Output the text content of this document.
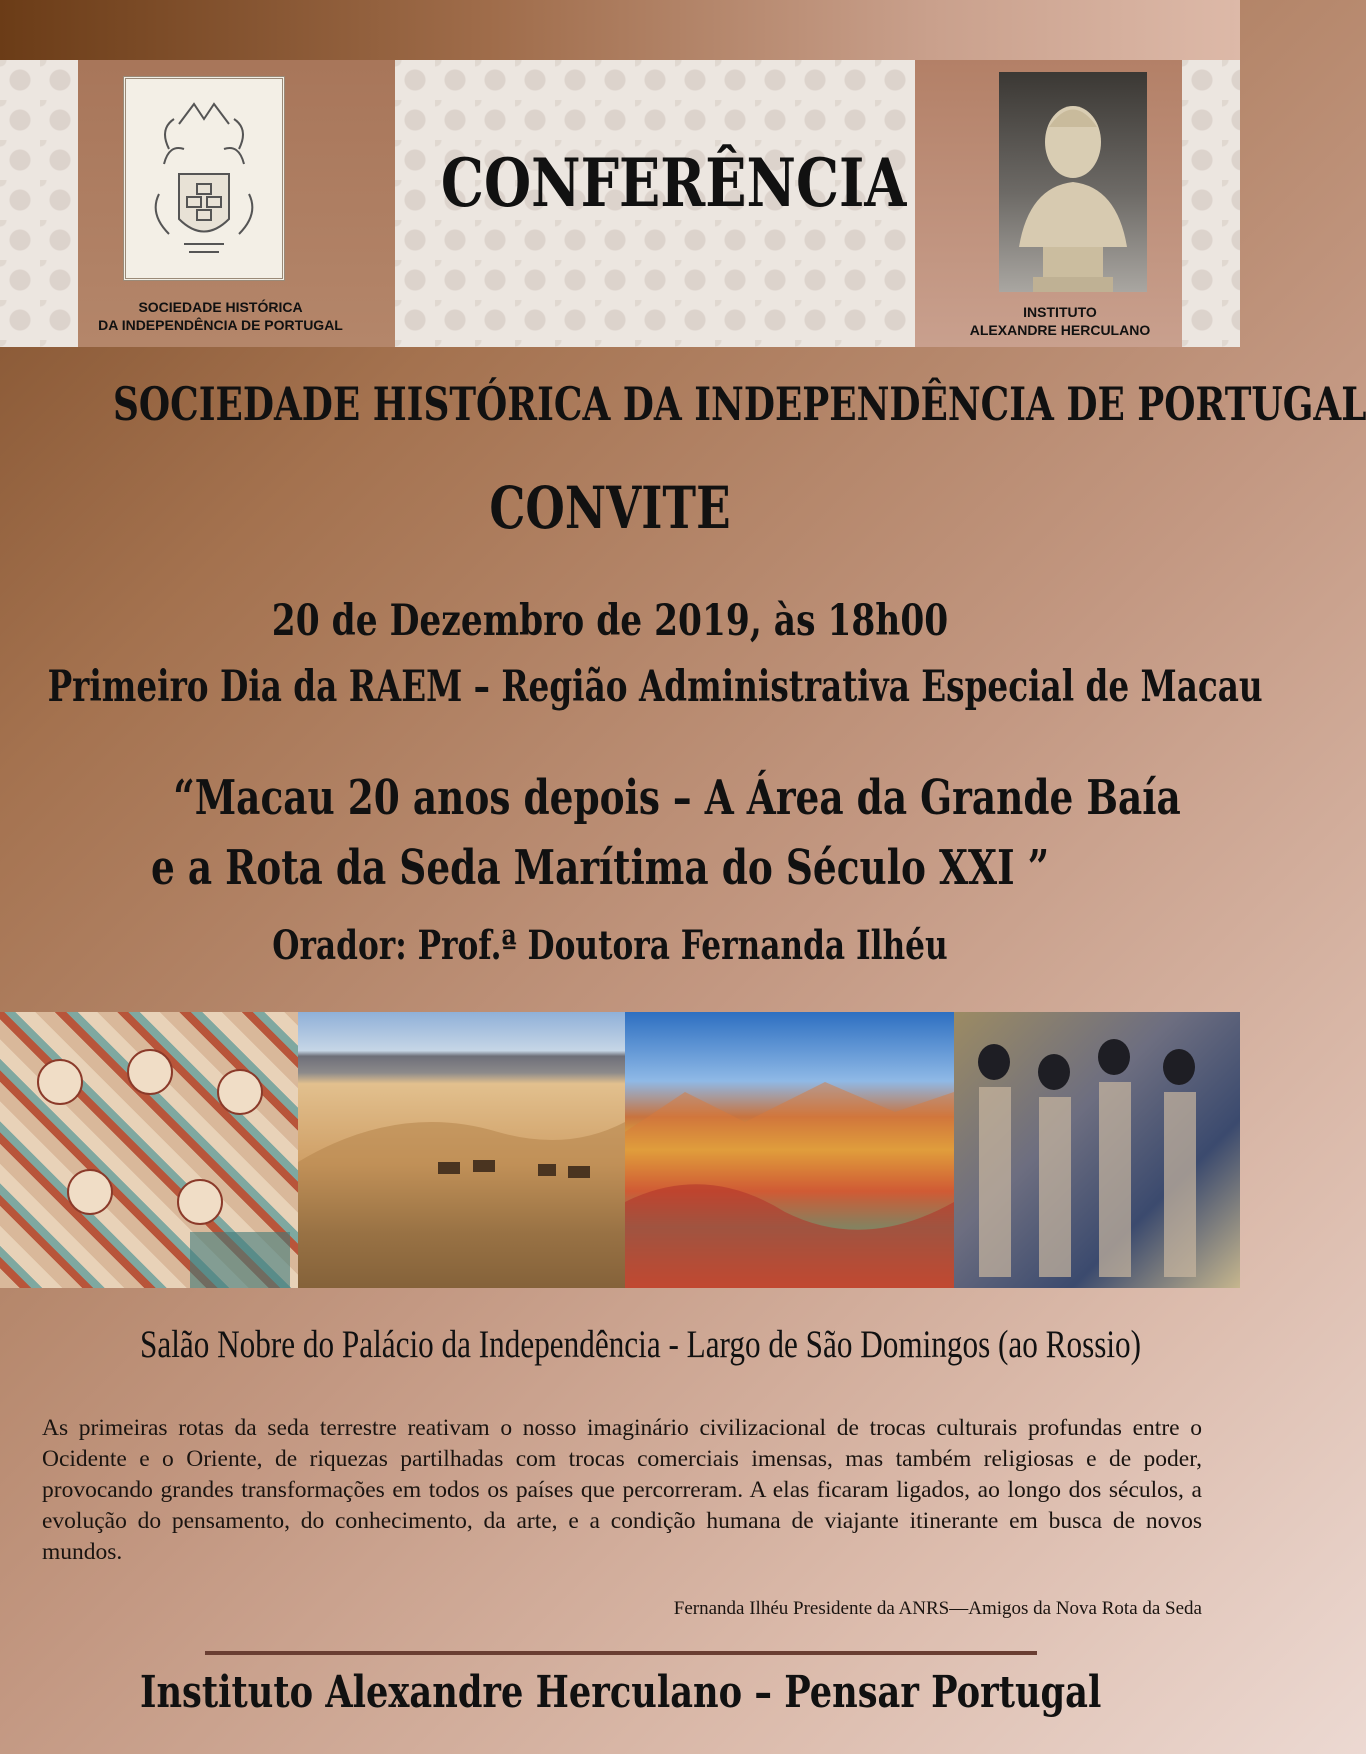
SOCIEDADE HISTÓRICA
DA INDEPENDÊNCIA DE PORTUGAL

CONFERÊNCIA

INSTITUTO
ALEXANDRE HERCULANO

SOCIEDADE HISTÓRICA DA INDEPENDÊNCIA DE PORTUGAL
CONVITE
20 de Dezembro de 2019, às 18h00
Primeiro Dia da RAEM – Região Administrativa Especial de Macau
“Macau 20 anos depois – A Área da Grande Baía
e a Rota da Seda Marítima do Século XXI ”
Orador: Prof.ª Doutora Fernanda Ilhéu
Salão Nobre do Palácio da Independência - Largo de São Domingos (ao Rossio)

As primeiras rotas da seda terrestre reativam o nosso imaginário civilizacional de trocas culturais profundas entre o Ocidente e o Oriente, de riquezas partilhadas com trocas comerciais imensas, mas também religiosas e de poder, provocando grandes transformações em todos os países que percorreram. A elas ficaram ligados, ao longo dos séculos, a evolução do pensamento, do conhecimento, da arte, e a condição humana de viajante itinerante em busca de novos mundos.

Fernanda Ilhéu Presidente da ANRS—Amigos da Nova Rota da Seda

Instituto Alexandre Herculano – Pensar Portugal
